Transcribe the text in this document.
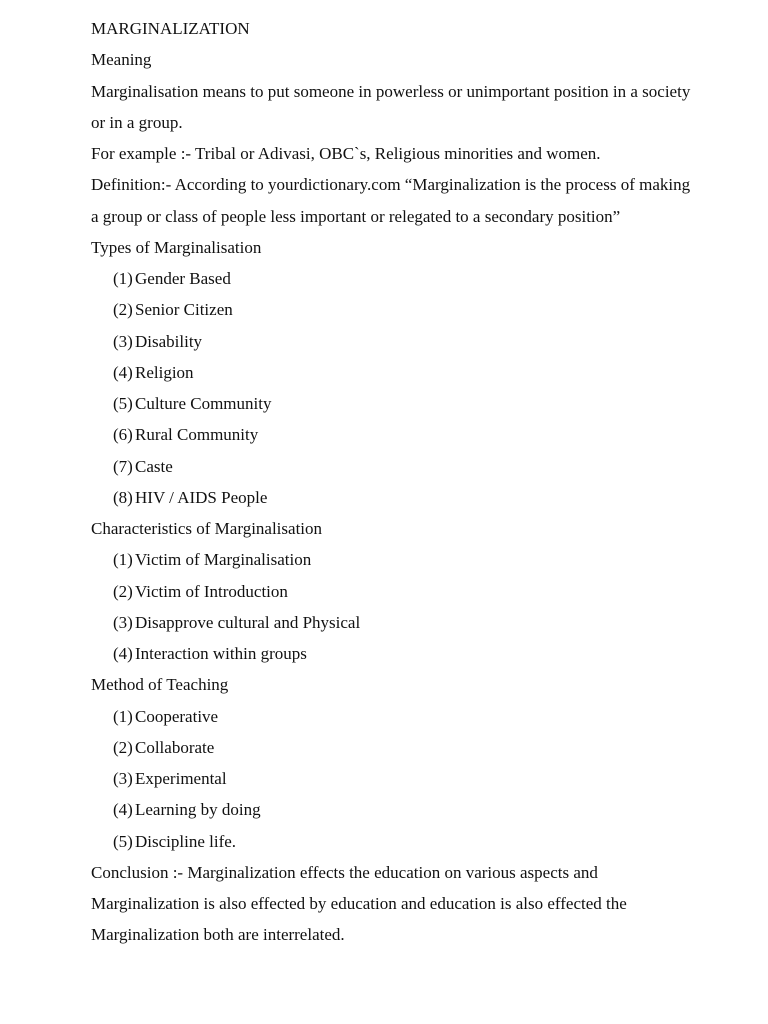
MARGINALIZATION
Meaning
Marginalisation means to put someone in powerless or unimportant position in a society or in a group.
For example :- Tribal or Adivasi, OBC`s, Religious minorities and women.
Definition:- According to yourdictionary.com “Marginalization is the process of making a group or class of people less important or relegated to a secondary position”
Types of Marginalisation
(1) Gender Based
(2) Senior Citizen
(3) Disability
(4) Religion
(5) Culture Community
(6) Rural Community
(7) Caste
(8) HIV / AIDS People
Characteristics of Marginalisation
(1) Victim of Marginalisation
(2) Victim of Introduction
(3) Disapprove cultural and Physical
(4) Interaction within groups
Method of Teaching
(1) Cooperative
(2) Collaborate
(3) Experimental
(4) Learning by doing
(5) Discipline life.
Conclusion :- Marginalization effects the education on various aspects and Marginalization is also effected by education and education is also effected the Marginalization both are interrelated.
